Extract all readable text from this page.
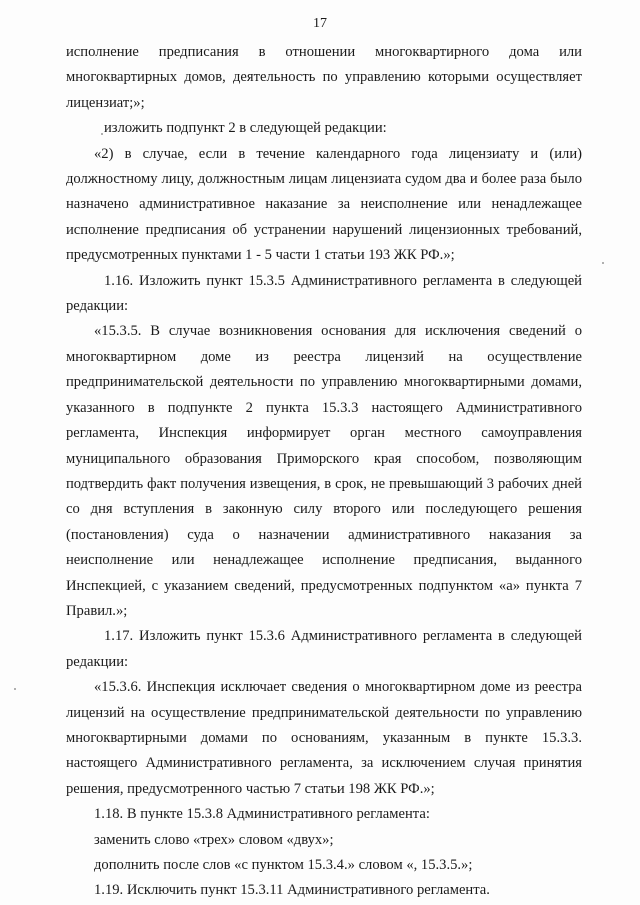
17

исполнение предписания в отношении многоквартирного дома или многоквартирных домов, деятельность по управлению которыми осуществляет лицензиат;»;

изложить подпункт 2 в следующей редакции:

«2) в случае, если в течение календарного года лицензиату и (или) должностному лицу, должностным лицам лицензиата судом два и более раза было назначено административное наказание за неисполнение или ненадлежащее исполнение предписания об устранении нарушений лицензионных требований, предусмотренных пунктами 1 - 5 части 1 статьи 193 ЖК РФ.»;

1.16. Изложить пункт 15.3.5 Административного регламента в следующей редакции:

«15.3.5. В случае возникновения основания для исключения сведений о многоквартирном доме из реестра лицензий на осуществление предпринимательской деятельности по управлению многоквартирными домами, указанного в подпункте 2 пункта 15.3.3 настоящего Административного регламента, Инспекция информирует орган местного самоуправления муниципального образования Приморского края способом, позволяющим подтвердить факт получения извещения, в срок, не превышающий 3 рабочих дней со дня вступления в законную силу второго или последующего решения (постановления) суда о назначении административного наказания за неисполнение или ненадлежащее исполнение предписания, выданного Инспекцией, с указанием сведений, предусмотренных подпунктом «а» пункта 7 Правил.»;

1.17. Изложить пункт 15.3.6 Административного регламента в следующей редакции:

«15.3.6. Инспекция исключает сведения о многоквартирном доме из реестра лицензий на осуществление предпринимательской деятельности по управлению многоквартирными домами по основаниям, указанным в пункте 15.3.3. настоящего Административного регламента, за исключением случая принятия решения, предусмотренного частью 7 статьи 198 ЖК РФ.»;

1.18. В пункте 15.3.8 Административного регламента:

заменить слово «трех» словом «двух»;

дополнить после слов «с пунктом 15.3.4.» словом «, 15.3.5.»;

1.19. Исключить пункт 15.3.11 Административного регламента.
